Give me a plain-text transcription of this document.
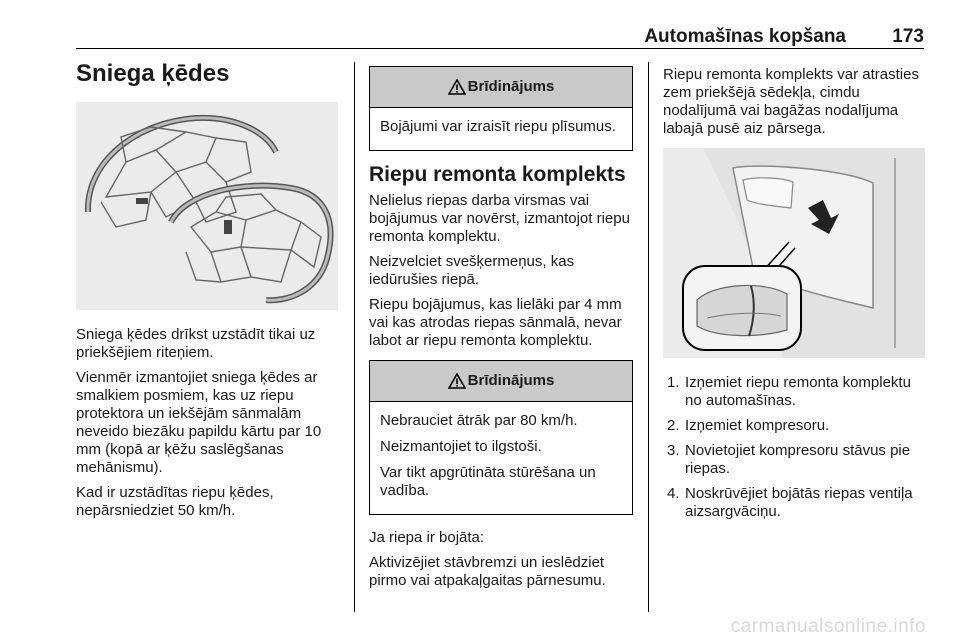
Automašīnas kopšana 173
Sniega ķēdes

Sniega ķēdes drīkst uzstādīt tikai uz priekšējiem riteņiem.

Vienmēr izmantojiet sniega ķēdes ar smalkiem posmiem, kas uz riepu protektora un iekšējām sānmalām neveido biezāku papildu kārtu par 10 mm (kopā ar ķēžu saslēgšanas mehānismu).

Kad ir uzstādītas riepu ķēdes, nepārsniedziet 50 km/h.

Brīdinājums

Bojājumi var izraisīt riepu plīsumus.

Riepu remonta komplekts

Nelielus riepas darba virsmas vai bojājumus var novērst, izmantojot riepu remonta komplektu.

Neizvelciet svešķermeņus, kas iedūrušies riepā.

Riepu bojājumus, kas lielāki par 4 mm vai kas atrodas riepas sānmalā, nevar labot ar riepu remonta komplektu.

Brīdinājums

Nebrauciet ātrāk par 80 km/h.

Neizmantojiet to ilgstoši.

Var tikt apgrūtināta stūrēšana un vadība.

Ja riepa ir bojāta:

Aktivizējiet stāvbremzi un ieslēdziet pirmo vai atpakaļgaitas pārnesumu.

Riepu remonta komplekts var atrasties zem priekšējā sēdekļa, cimdu nodalījumā vai bagāžas nodalījuma labajā pusē aiz pārsega.

1. Izņemiet riepu remonta komplektu no automašīnas.
2. Izņemiet kompresoru.
3. Novietojiet kompresoru stāvus pie riepas.
4. Noskrūvējiet bojātās riepas ventiļa aizsargvāciņu.
carmanualsonline.info
